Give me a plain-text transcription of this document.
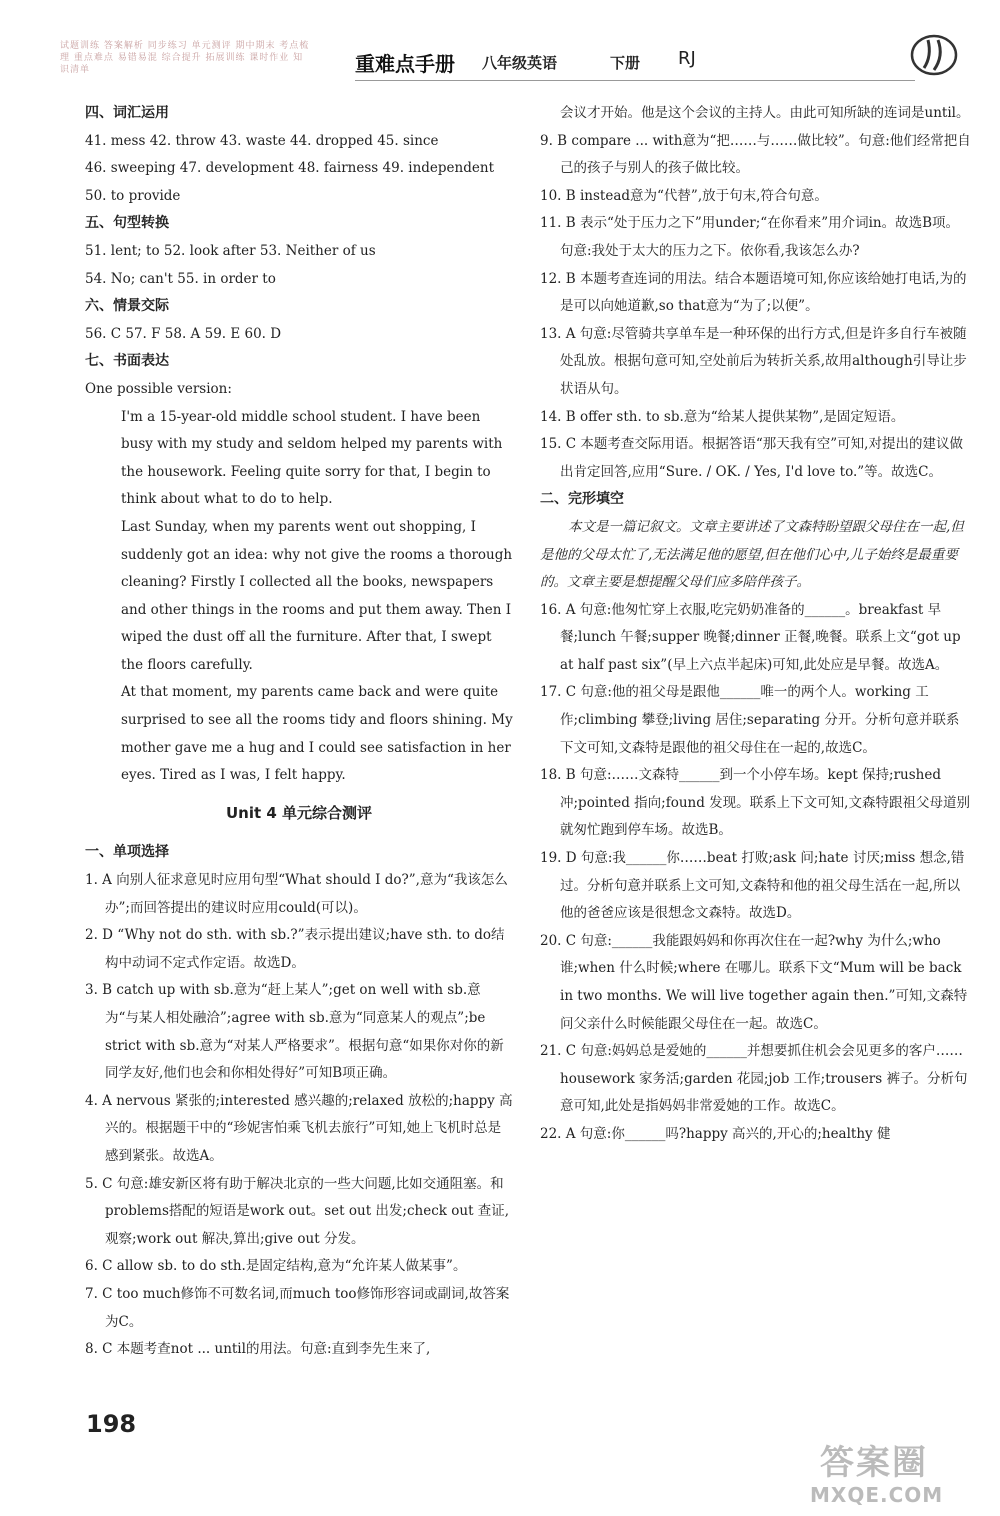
试题训练 答案解析 同步练习 单元测评 期中期末 考点梳理 重点难点 易错易混 综合提升 拓展训练 课时作业 知识清单	重难点手册 八年级英语	下册 RJ
四、词汇运用
41. mess 42. throw 43. waste 44. dropped 45. since
46. sweeping 47. development 48. fairness 49. independent
50. to provide
五、句型转换
51. lent; to 52. look after 53. Neither of us
54. No; can't 55. in order to
六、情景交际
56. C 57. F 58. A 59. E 60. D
七、书面表达
One possible version:

I'm a 15-year-old middle school student. I have been busy with my study and seldom helped my parents with the housework. Feeling quite sorry for that, I begin to think about what to do to help.

Last Sunday, when my parents went out shopping, I suddenly got an idea: why not give the rooms a thorough cleaning? Firstly I collected all the books, newspapers and other things in the rooms and put them away. Then I wiped the dust off all the furniture. After that, I swept the floors carefully.

At that moment, my parents came back and were quite surprised to see all the rooms tidy and floors shining. My mother gave me a hug and I could see satisfaction in her eyes. Tired as I was, I felt happy.

Unit 4 单元综合测评
一、单项选择
1. A 向别人征求意见时应用句型“What should I do?”,意为“我该怎么办”;而回答提出的建议时应用could(可以)。
2. D “Why not do sth. with sb.?”表示提出建议;have sth. to do结构中动词不定式作定语。故选D。
3. B catch up with sb.意为“赶上某人”;get on well with sb.意为“与某人相处融洽”;agree with sb.意为“同意某人的观点”;be strict with sb.意为“对某人严格要求”。根据句意“如果你对你的新同学友好,他们也会和你相处得好”可知B项正确。
4. A nervous 紧张的;interested 感兴趣的;relaxed 放松的;happy 高兴的。根据题干中的“珍妮害怕乘飞机去旅行”可知,她上飞机时总是感到紧张。故选A。
5. C 句意:雄安新区将有助于解决北京的一些大问题,比如交通阻塞。和problems搭配的短语是work out。set out 出发;check out 查证,观察;work out 解决,算出;give out 分发。
6. C allow sb. to do sth.是固定结构,意为“允许某人做某事”。
7. C too much修饰不可数名词,而much too修饰形容词或副词,故答案为C。
8. C 本题考查not ... until的用法。句意:直到李先生来了,
会议才开始。他是这个会议的主持人。由此可知所缺的连词是until。
9. B compare ... with意为“把……与……做比较”。句意:他们经常把自己的孩子与别人的孩子做比较。
10. B instead意为“代替”,放于句末,符合句意。
11. B 表示“处于压力之下”用under;“在你看来”用介词in。故选B项。句意:我处于太大的压力之下。依你看,我该怎么办?
12. B 本题考查连词的用法。结合本题语境可知,你应该给她打电话,为的是可以向她道歉,so that意为“为了;以便”。
13. A 句意:尽管骑共享单车是一种环保的出行方式,但是许多自行车被随处乱放。根据句意可知,空处前后为转折关系,故用although引导让步状语从句。
14. B offer sth. to sb.意为“给某人提供某物”,是固定短语。
15. C 本题考查交际用语。根据答语“那天我有空”可知,对提出的建议做出肯定回答,应用“Sure. / OK. / Yes, I'd love to.”等。故选C。
二、完形填空
本文是一篇记叙文。文章主要讲述了文森特盼望跟父母住在一起,但是他的父母太忙了,无法满足他的愿望,但在他们心中,儿子始终是最重要的。文章主要是想提醒父母们应多陪伴孩子。
16. A 句意:他匆忙穿上衣服,吃完奶奶准备的______。breakfast 早餐;lunch 午餐;supper 晚餐;dinner 正餐,晚餐。联系上文“got up at half past six”(早上六点半起床)可知,此处应是早餐。故选A。
17. C 句意:他的祖父母是跟他______唯一的两个人。working 工作;climbing 攀登;living 居住;separating 分开。分析句意并联系下文可知,文森特是跟他的祖父母住在一起的,故选C。
18. B 句意:……文森特______到一个小停车场。kept 保持;rushed 冲;pointed 指向;found 发现。联系上下文可知,文森特跟祖父母道别就匆忙跑到停车场。故选B。
19. D 句意:我______你……beat 打败;ask 问;hate 讨厌;miss 想念,错过。分析句意并联系上文可知,文森特和他的祖父母生活在一起,所以他的爸爸应该是很想念文森特。故选D。
20. C 句意:______我能跟妈妈和你再次住在一起?why 为什么;who 谁;when 什么时候;where 在哪儿。联系下文“Mum will be back in two months. We will live together again then.”可知,文森特问父亲什么时候能跟父母住在一起。故选C。
21. C 句意:妈妈总是爱她的______并想要抓住机会会见更多的客户…… housework 家务活;garden 花园;job 工作;trousers 裤子。分析句意可知,此处是指妈妈非常爱她的工作。故选C。
22. A 句意:你______吗?happy 高兴的,开心的;healthy 健
198
答案圈
MXQE.COM
